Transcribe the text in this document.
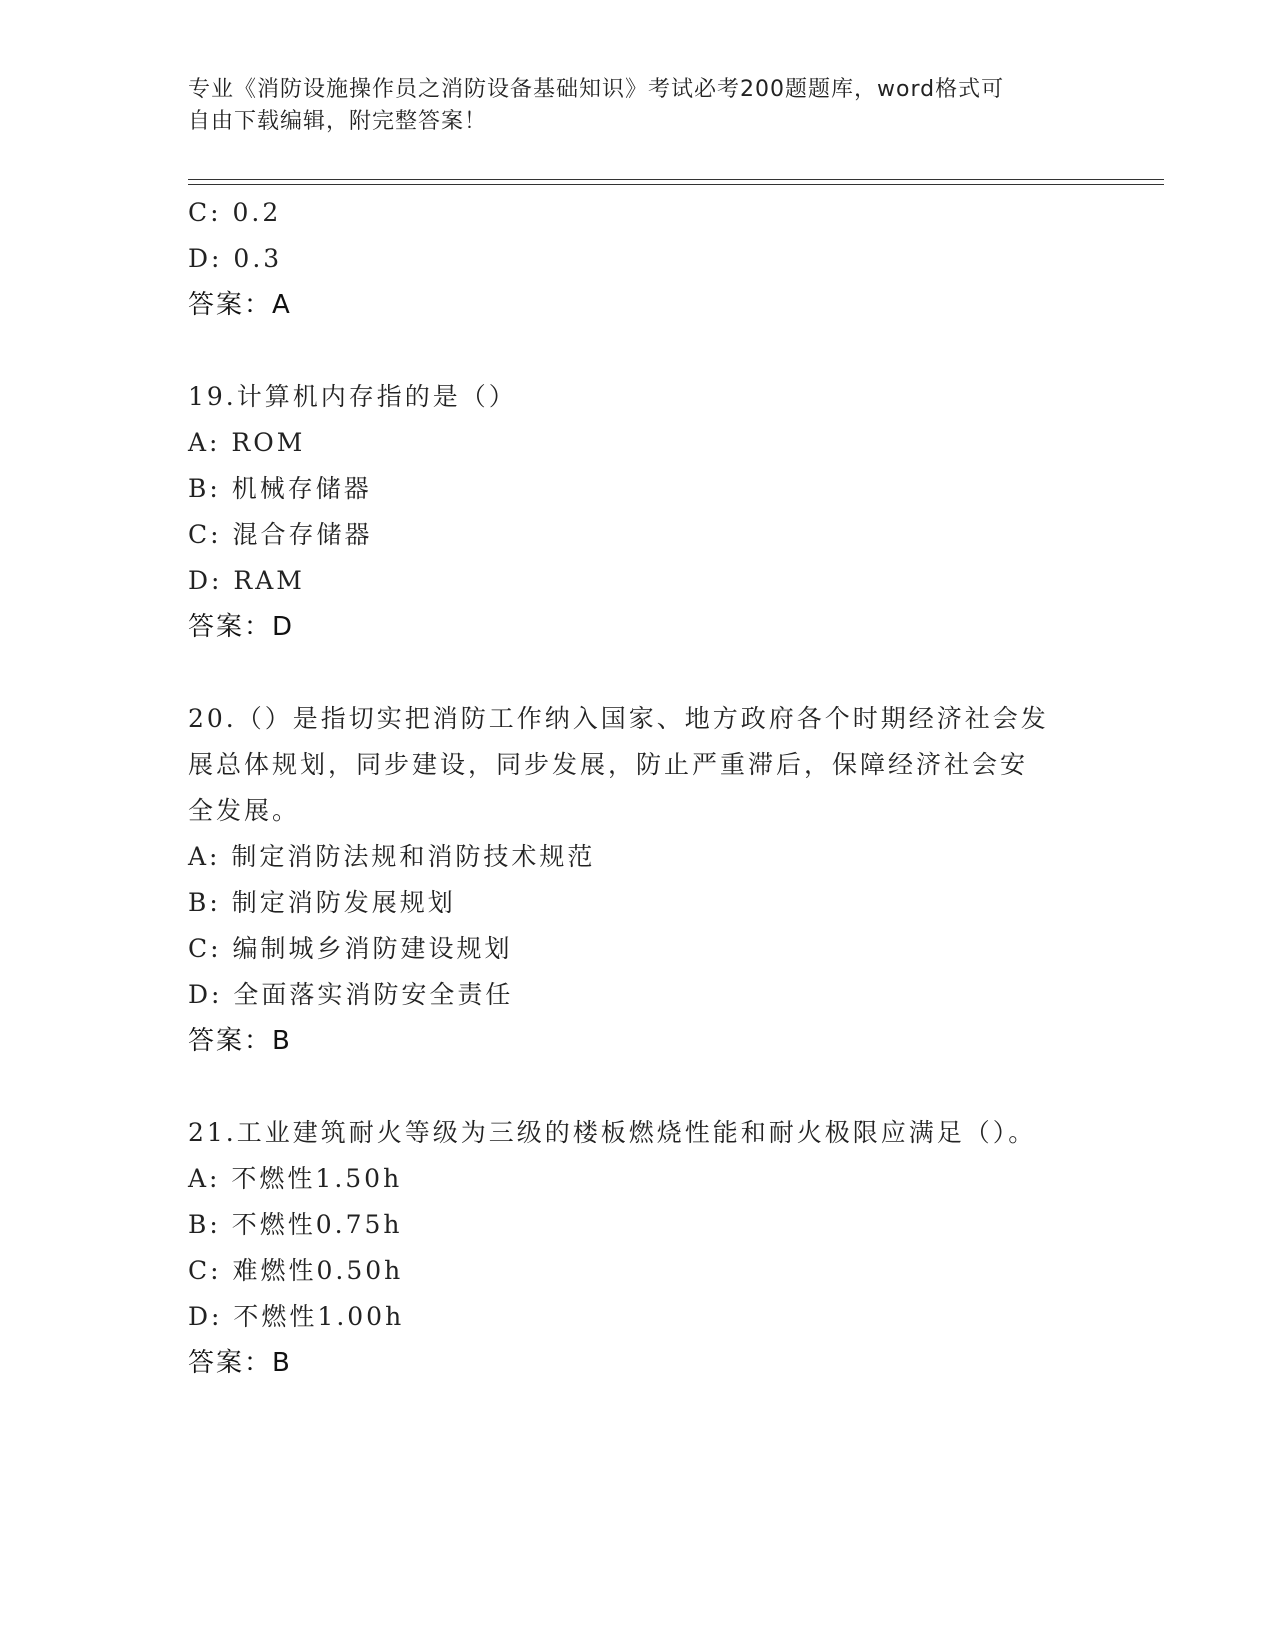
专业《消防设施操作员之消防设备基础知识》考试必考200题题库，word格式可
自由下载编辑，附完整答案！
C: 0.2
D: 0.3
答案：A
19.计算机内存指的是（）
A: ROM
B: 机械存储器
C: 混合存储器
D: RAM
答案：D
20.（）是指切实把消防工作纳入国家、地方政府各个时期经济社会发
展总体规划，同步建设，同步发展，防止严重滞后，保障经济社会安
全发展。
A: 制定消防法规和消防技术规范
B: 制定消防发展规划
C: 编制城乡消防建设规划
D: 全面落实消防安全责任
答案：B
21.工业建筑耐火等级为三级的楼板燃烧性能和耐火极限应满足（）。
A: 不燃性1.50h
B: 不燃性0.75h
C: 难燃性0.50h
D: 不燃性1.00h
答案：B
